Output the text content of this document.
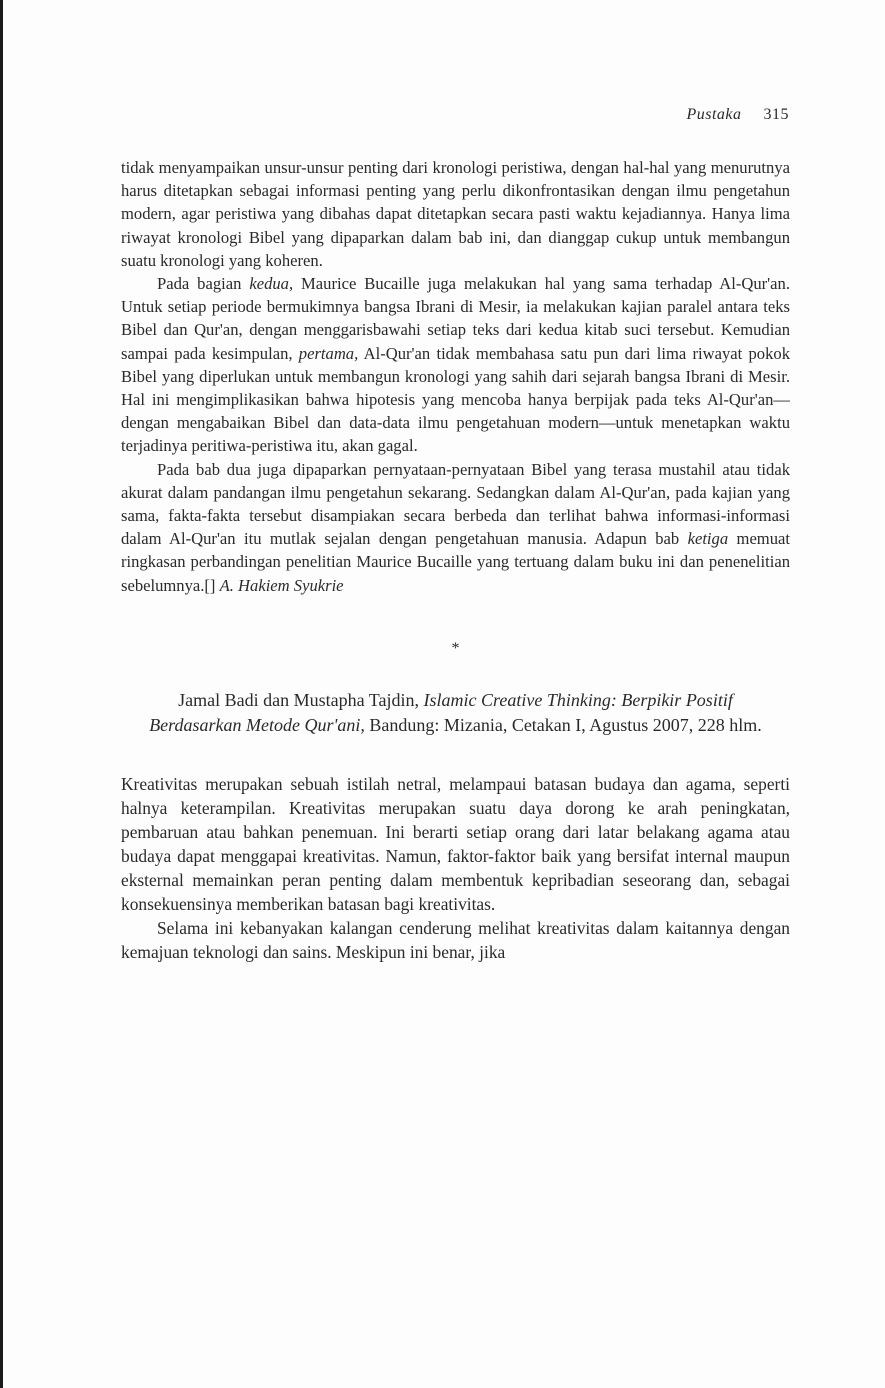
Pustaka 315

tidak menyampaikan unsur-unsur penting dari kronologi peristiwa, dengan hal-hal yang menurutnya harus ditetapkan sebagai informasi penting yang perlu dikonfrontasikan dengan ilmu pengetahun modern, agar peristiwa yang dibahas dapat ditetapkan secara pasti waktu kejadiannya. Hanya lima riwayat kronologi Bibel yang dipaparkan dalam bab ini, dan dianggap cukup untuk membangun suatu kronologi yang koheren.

Pada bagian kedua, Maurice Bucaille juga melakukan hal yang sama terhadap Al-Qur'an. Untuk setiap periode bermukimnya bangsa Ibrani di Mesir, ia melakukan kajian paralel antara teks Bibel dan Qur'an, dengan menggarisbawahi setiap teks dari kedua kitab suci tersebut. Kemudian sampai pada kesimpulan, pertama, Al-Qur'an tidak membahasa satu pun dari lima riwayat pokok Bibel yang diperlukan untuk membangun kronologi yang sahih dari sejarah bangsa Ibrani di Mesir. Hal ini mengimplikasikan bahwa hipotesis yang mencoba hanya berpijak pada teks Al-Qur'an—dengan mengabaikan Bibel dan data-data ilmu pengetahuan modern—untuk menetapkan waktu terjadinya peritiwa-peristiwa itu, akan gagal.

Pada bab dua juga dipaparkan pernyataan-pernyataan Bibel yang terasa mustahil atau tidak akurat dalam pandangan ilmu pengetahun sekarang. Sedangkan dalam Al-Qur'an, pada kajian yang sama, fakta-fakta tersebut disampiakan secara berbeda dan terlihat bahwa informasi-informasi dalam Al-Qur'an itu mutlak sejalan dengan pengetahuan manusia. Adapun bab ketiga memuat ringkasan perbandingan penelitian Maurice Bucaille yang tertuang dalam buku ini dan penenelitian sebelumnya.[] A. Hakiem Syukrie

*
Jamal Badi dan Mustapha Tajdin, Islamic Creative Thinking: Berpikir Positif Berdasarkan Metode Qur'ani, Bandung: Mizania, Cetakan I, Agustus 2007, 228 hlm.

Kreativitas merupakan sebuah istilah netral, melampaui batasan budaya dan agama, seperti halnya keterampilan. Kreativitas merupakan suatu daya dorong ke arah peningkatan, pembaruan atau bahkan penemuan. Ini berarti setiap orang dari latar belakang agama atau budaya dapat menggapai kreativitas. Namun, faktor-faktor baik yang bersifat internal maupun eksternal memainkan peran penting dalam membentuk kepribadian seseorang dan, sebagai konsekuensinya memberikan batasan bagi kreativitas.

Selama ini kebanyakan kalangan cenderung melihat kreativitas dalam kaitannya dengan kemajuan teknologi dan sains. Meskipun ini benar, jika
